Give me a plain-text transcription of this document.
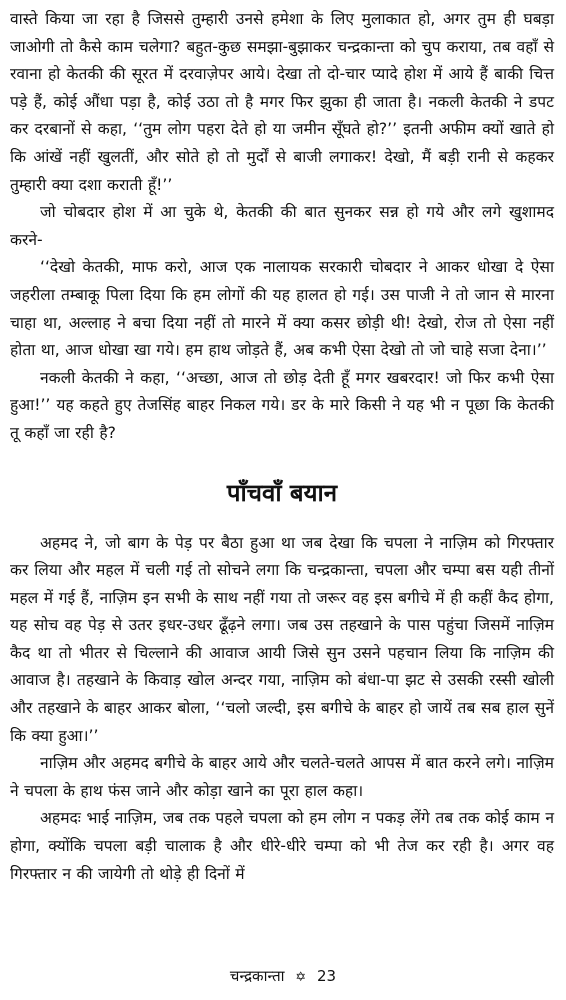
वास्ते किया जा रहा है जिससे तुम्हारी उनसे हमेशा के लिए मुलाकात हो, अगर तुम ही घबड़ा जाओगी तो कैसे काम चलेगा? बहुत-कुछ समझा-बुझाकर चन्द्रकान्ता को चुप कराया, तब वहाँ से रवाना हो केतकी की सूरत में दरवाज़ेपर आये। देखा तो दो-चार प्यादे होश में आये हैं बाकी चित्त पड़े हैं, कोई औंधा पड़ा है, कोई उठा तो है मगर फिर झुका ही जाता है। नकली केतकी ने डपट कर दरबानों से कहा, ‘‘तुम लोग पहरा देते हो या जमीन सूँघते हो?’’ इतनी अफीम क्यों खाते हो कि आंखें नहीं खुलतीं, और सोते हो तो मुर्दों से बाजी लगाकर! देखो, मैं बड़ी रानी से कहकर तुम्हारी क्या दशा कराती हूँ!’’

जो चोबदार होश में आ चुके थे, केतकी की बात सुनकर सन्न हो गये और लगे खुशामद करने-

‘‘देखो केतकी, माफ करो, आज एक नालायक सरकारी चोबदार ने आकर धोखा दे ऐसा जहरीला तम्बाकू पिला दिया कि हम लोगों की यह हालत हो गई। उस पाजी ने तो जान से मारना चाहा था, अल्लाह ने बचा दिया नहीं तो मारने में क्या कसर छोड़ी थी! देखो, रोज तो ऐसा नहीं होता था, आज धोखा खा गये। हम हाथ जोड़ते हैं, अब कभी ऐसा देखो तो जो चाहे सजा देना।’’

नकली केतकी ने कहा, ‘‘अच्छा, आज तो छोड़ देती हूँ मगर खबरदार! जो फिर कभी ऐसा हुआ!’’ यह कहते हुए तेजसिंह बाहर निकल गये। डर के मारे किसी ने यह भी न पूछा कि केतकी तू कहाँ जा रही है?

पाँचवाँ बयान

अहमद ने, जो बाग के पेड़ पर बैठा हुआ था जब देखा कि चपला ने नाज़िम को गिरफ्तार कर लिया और महल में चली गई तो सोचने लगा कि चन्द्रकान्ता, चपला और चम्पा बस यही तीनों महल में गई हैं, नाज़िम इन सभी के साथ नहीं गया तो जरूर वह इस बगीचे में ही कहीं कैद होगा, यह सोच वह पेड़ से उतर इधर-उधर ढूँढ़ने लगा। जब उस तहखाने के पास पहुंचा जिसमें नाज़िम कैद था तो भीतर से चिल्लाने की आवाज आयी जिसे सुन उसने पहचान लिया कि नाज़िम की आवाज है। तहखाने के किवाड़ खोल अन्दर गया, नाज़िम को बंधा-पा झट से उसकी रस्सी खोली और तहखाने के बाहर आकर बोला, ‘‘चलो जल्दी, इस बगीचे के बाहर हो जायें तब सब हाल सुनें कि क्या हुआ।’’

नाज़िम और अहमद बगीचे के बाहर आये और चलते-चलते आपस में बात करने लगे। नाज़िम ने चपला के हाथ फंस जाने और कोड़ा खाने का पूरा हाल कहा।

अहमदः भाई नाज़िम, जब तक पहले चपला को हम लोग न पकड़ लेंगे तब तक कोई काम न होगा, क्योंकि चपला बड़ी चालाक है और धीरे-धीरे चम्पा को भी तेज कर रही है। अगर वह गिरफ्तार न की जायेगी तो थोड़े ही दिनों में

चन्द्रकान्ता ✡ 23
